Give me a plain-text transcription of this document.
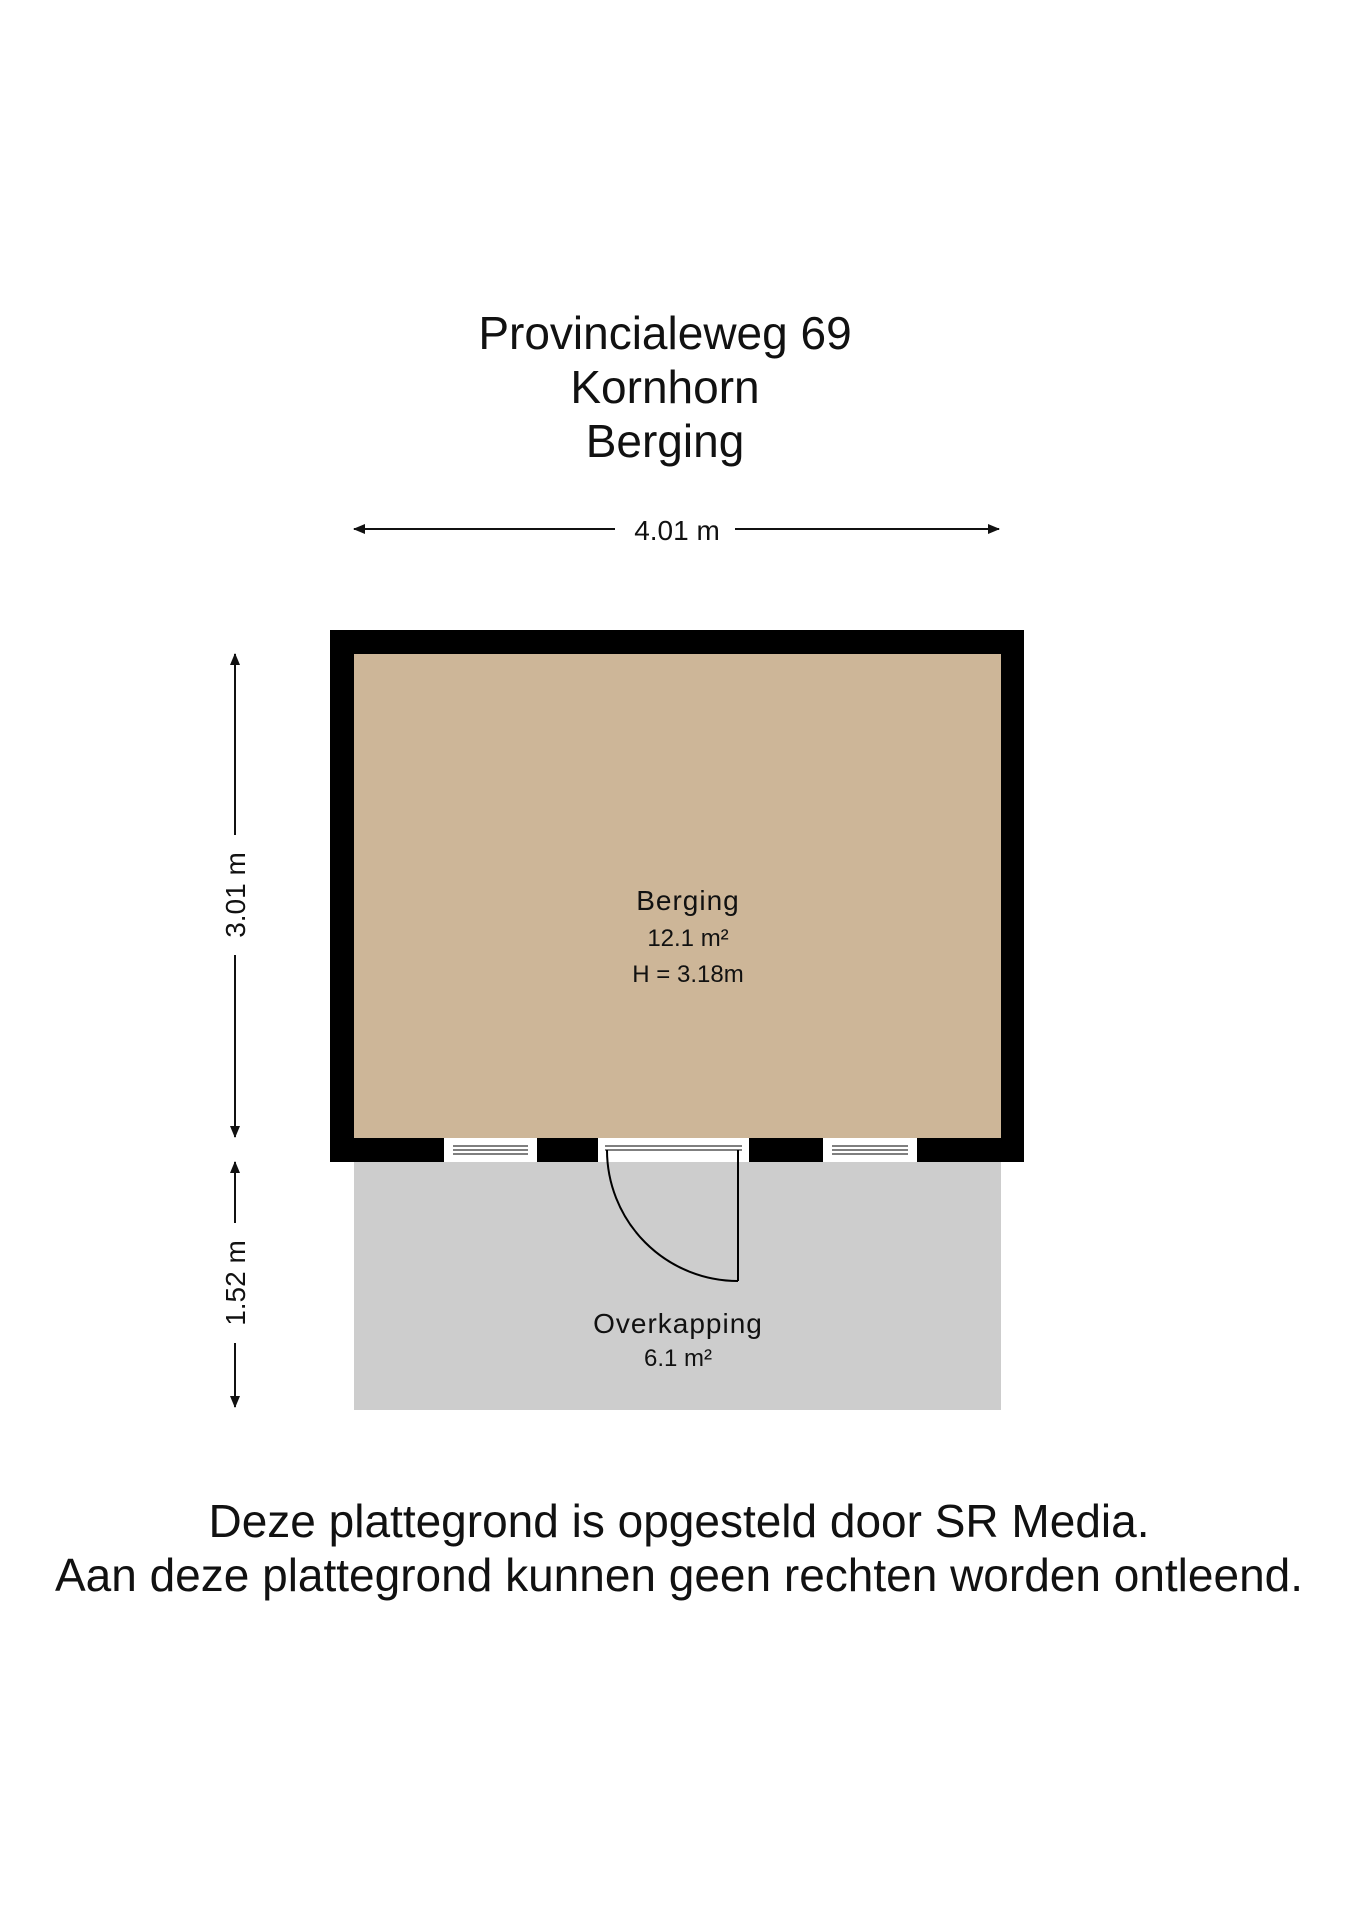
Provincialeweg 69
Kornhorn
Berging
4.01 m
3.01 m
1.52 m
Berging
12.1 m²
H = 3.18m
Overkapping
6.1 m²
Deze plattegrond is opgesteld door SR Media.
Aan deze plattegrond kunnen geen rechten worden ontleend.
